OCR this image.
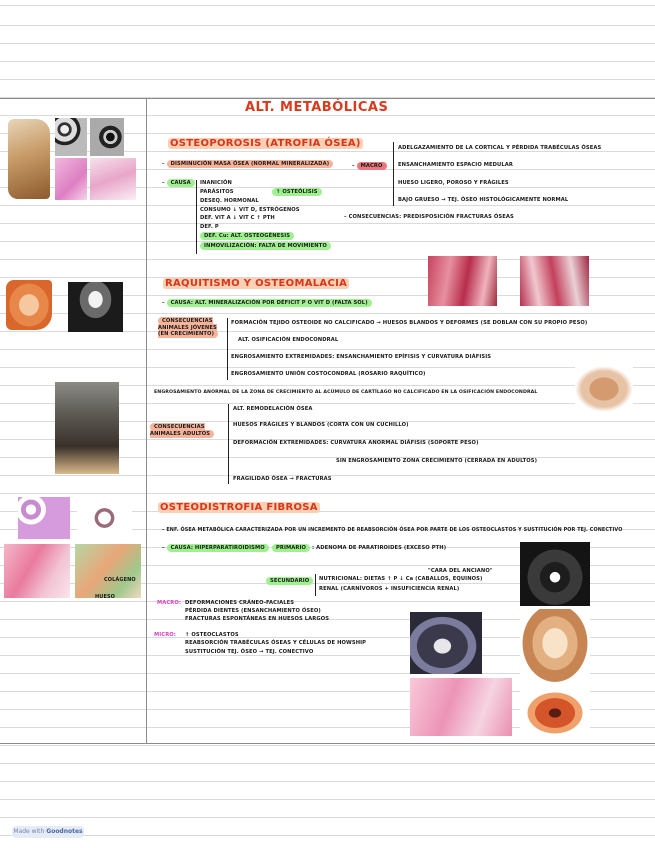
ALT. METABÓLICAS
COLÁGENO
HUESO
OSTEOPOROSIS (ATROFIA ÓSEA)
– DISMINUCIÓN MASA ÓSEA (NORMAL MINERALIZADA)
– CAUSA	INANICIÓN
PARÁSITOS
DESEQ. HORMONAL
CONSUMO ↓ VIT D, ESTRÓGENOS
DEF. VIT A ↓ VIT C ↑ PTH
DEF. P
DEF. Cu: ALT. OSTEOGÉNESIS
INMOVILIZACIÓN: FALTA DE MOVIMIENTO
↑ OSTEÓLISIS
– MACRO
ADELGAZAMIENTO DE LA CORTICAL Y PÉRDIDA TRABÉCULAS ÓSEAS
ENSANCHAMIENTO ESPACIO MEDULAR
HUESO LIGERO, POROSO Y FRÁGILES
BAJO GRUESO → TEJ. ÓSEO HISTOLÓGICAMENTE NORMAL
– CONSECUENCIAS: PREDISPOSICIÓN FRACTURAS ÓSEAS
RAQUITISMO Y OSTEOMALACIA
– CAUSA: ALT. MINERALIZACIÓN POR DÉFICIT P O VIT D (FALTA SOL)
CONSECUENCIAS ANIMALES JÓVENES (EN CRECIMIENTO)
FORMACIÓN TEJIDO OSTEOIDE NO CALCIFICADO → HUESOS BLANDOS Y DEFORMES (SE DOBLAN CON SU PROPIO PESO)
ALT. OSIFICACIÓN ENDOCONDRAL
ENGROSAMIENTO EXTREMIDADES: ENSANCHAMIENTO EPÍFISIS Y CURVATURA DIÁFISIS
ENGROSAMIENTO UNIÓN COSTOCONDRAL (ROSARIO RAQUÍTICO)
ENGROSAMIENTO ANORMAL DE LA ZONA DE CRECIMIENTO AL ACÚMULO DE CARTÍLAGO NO CALCIFICADO EN LA OSIFICACIÓN ENDOCONDRAL
CONSECUENCIAS ANIMALES ADULTOS
ALT. REMODELACIÓN ÓSEA
HUESOS FRÁGILES Y BLANDOS (CORTA CON UN CUCHILLO)
DEFORMACIÓN EXTREMIDADES: CURVATURA ANORMAL DIÁFISIS (SOPORTE PESO)
SIN ENGROSAMIENTO ZONA CRECIMIENTO (CERRADA EN ADULTOS)
FRAGILIDAD ÓSEA → FRACTURAS
OSTEODISTROFIA FIBROSA
– ENF. ÓSEA METABÓLICA CARACTERIZADA POR UN INCREMENTO DE REABSORCIÓN ÓSEA POR PARTE DE LOS OSTEOCLASTOS Y SUSTITUCIÓN POR TEJ. CONECTIVO
– CAUSA: HIPERPARATIROIDISMO	PRIMARIO	: ADENOMA DE PARATIROIDES (EXCESO PTH)
SECUNDARIO	NUTRICIONAL: DIETAS ↑ P ↓ Ca (CABALLOS, EQUINOS)
RENAL (CARNÍVOROS + INSUFICIENCIA RENAL)
"CARA DEL ANCIANO"
MACRO: DEFORMACIONES CRÁNEO-FACIALES
PÉRDIDA DIENTES (ENSANCHAMIENTO ÓSEO)
FRACTURAS ESPONTÁNEAS EN HUESOS LARGOS
MICRO: ↑ OSTEOCLASTOS
REABSORCIÓN TRABÉCULAS ÓSEAS Y CÉLULAS DE HOWSHIP
SUSTITUCIÓN TEJ. ÓSEO → TEJ. CONECTIVO
Made with Goodnotes
